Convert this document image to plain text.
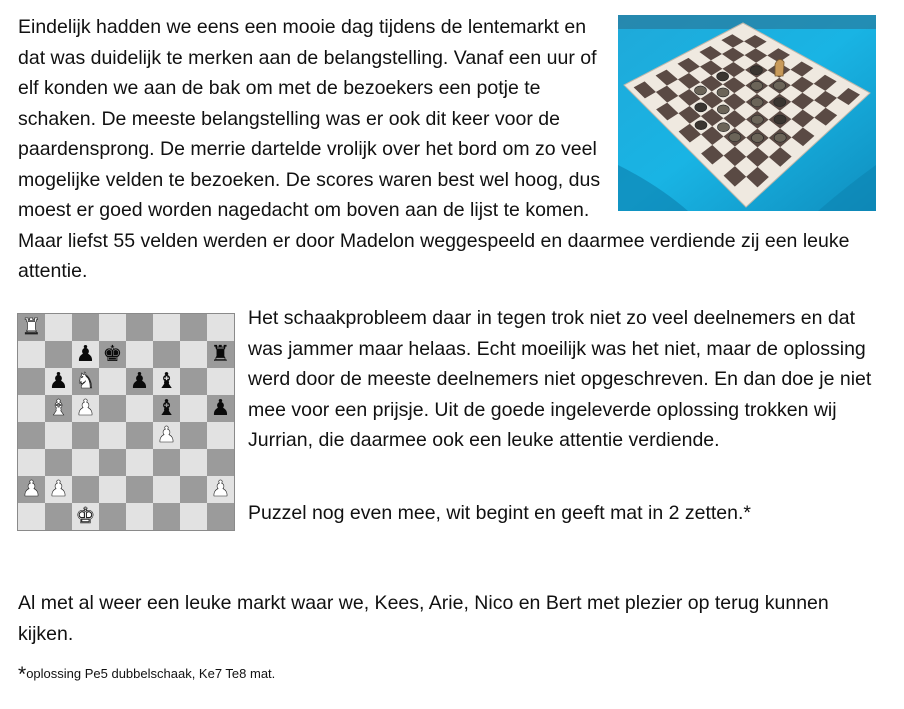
Eindelijk hadden we eens een mooie dag tijdens de lentemarkt en dat was duidelijk te merken aan de belangstelling. Vanaf een uur of elf konden we aan de bak om met de bezoekers een potje te schaken. De meeste belangstelling was er ook dit keer voor de paardensprong. De merrie dartelde vrolijk over het bord om zo veel mogelijke velden te bezoeken. De scores waren best wel hoog, dus moest er goed worden nagedacht om boven aan de lijst te komen. Maar liefst 55 velden werden er door Madelon weggespeeld en daarmee verdiende zij een leuke attentie.
♜
♟ ♚	♜
♟ ♞ ♟ ♝
♝ ♟	♝ ♟
♟
♟ ♟	♟
♚

Het schaakprobleem daar in tegen trok niet zo veel deelnemers en dat was jammer maar helaas. Echt moeilijk was het niet, maar de oplossing werd door de meeste deelnemers niet opgeschreven. En dan doe je niet mee voor een prijsje. Uit de goede ingeleverde oplossing trokken wij Jurrian, die daarmee ook een leuke attentie verdiende.

Puzzel nog even mee, wit begint en geeft mat in 2 zetten.*

Al met al weer een leuke markt waar we, Kees, Arie, Nico en Bert met plezier op terug kunnen kijken.

*oplossing Pe5 dubbelschaak, Ke7 Te8 mat.
